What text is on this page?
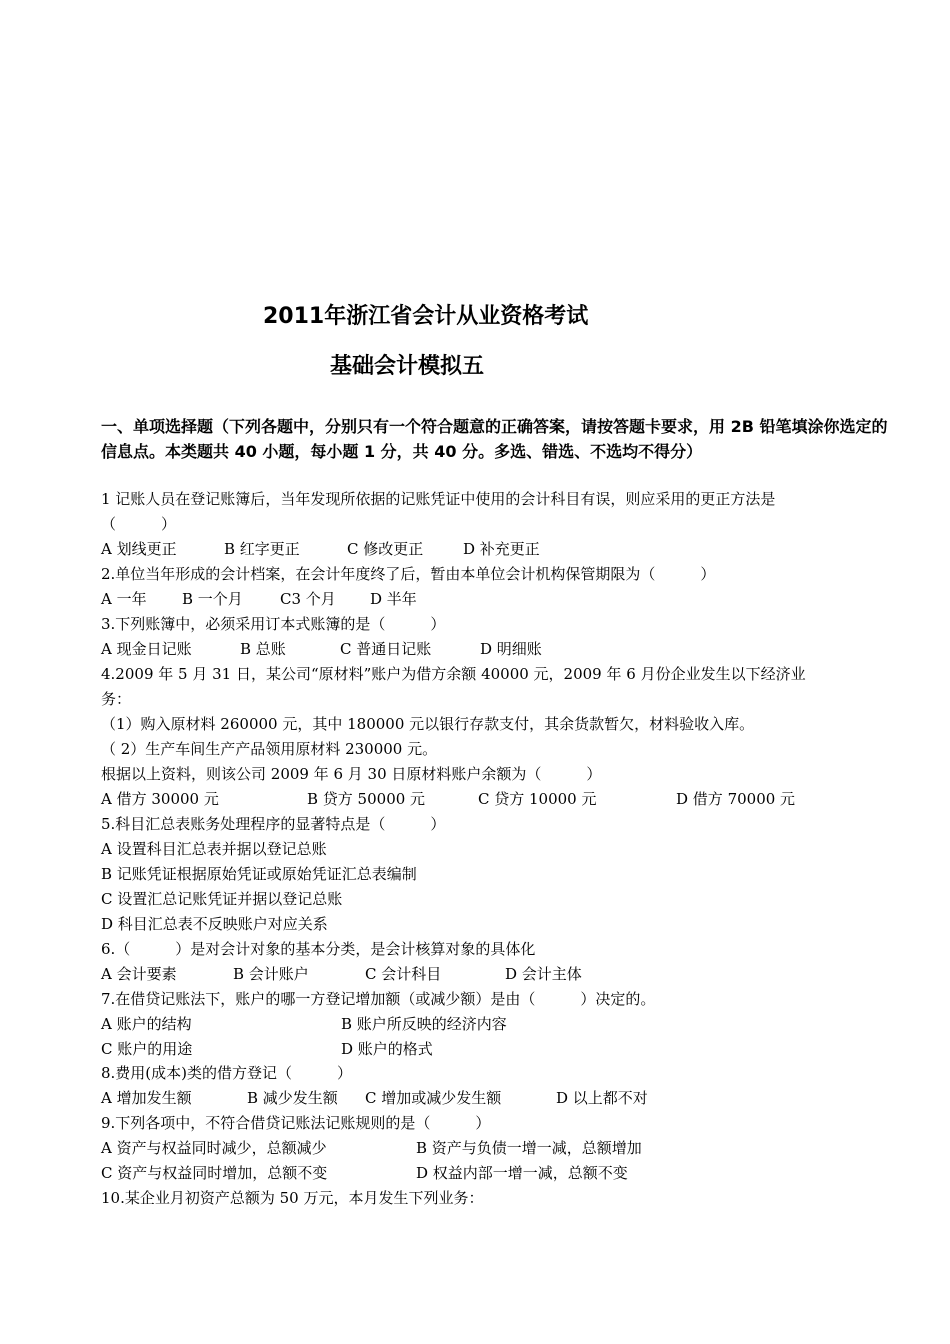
2011年浙江省会计从业资格考试
基础会计模拟五
一、单项选择题（下列各题中，分别只有一个符合题意的正确答案，请按答题卡要求，用 2B 铅笔填涂你选定的信息点。本类题共 40 小题，每小题 1 分，共 40 分。多选、错选、不选均不得分）
1 记账人员在登记账簿后，当年发现所依据的记账凭证中使用的会计科目有误，则应采用的更正方法是
（　　　）
A 划线更正	B 红字更正	C 修改更正	D 补充更正
2.单位当年形成的会计档案，在会计年度终了后，暂由本单位会计机构保管期限为（　　　）
A 一年 B 一个月 C3 个月 D 半年
3.下列账簿中，必须采用订本式账簿的是（　　　）
A 现金日记账	B 总账	C 普通日记账	D 明细账
4.2009 年 5 月 31 日，某公司“原材料”账户为借方余额 40000 元，2009 年 6 月份企业发生以下经济业
务：
（1）购入原材料 260000 元，其中 180000 元以银行存款支付，其余货款暂欠，材料验收入库。
（ 2）生产车间生产产品领用原材料 230000 元。
根据以上资料，则该公司 2009 年 6 月 30 日原材料账户余额为（　　　）
A 借方 30000 元	B 贷方 50000 元	C 贷方 10000 元	D 借方 70000 元
5.科目汇总表账务处理程序的显著特点是（　　　）
A 设置科目汇总表并据以登记总账
B 记账凭证根据原始凭证或原始凭证汇总表编制
C 设置汇总记账凭证并据以登记总账
D 科目汇总表不反映账户对应关系
6.（　　　）是对会计对象的基本分类，是会计核算对象的具体化
A 会计要素	B 会计账户	C 会计科目	D 会计主体
7.在借贷记账法下，账户的哪一方登记增加额（或减少额）是由（　　　）决定的。
A 账户的结构	B 账户所反映的经济内容
C 账户的用途	D 账户的格式
8.费用(成本)类的借方登记（　　　）
A 增加发生额	B 减少发生额 C 增加或减少发生额	D 以上都不对
9.下列各项中，不符合借贷记账法记账规则的是（　　　）
A 资产与权益同时减少，总额减少	B 资产与负债一增一减，总额增加
C 资产与权益同时增加，总额不变	D 权益内部一增一减，总额不变
10.某企业月初资产总额为 50 万元，本月发生下列业务：
